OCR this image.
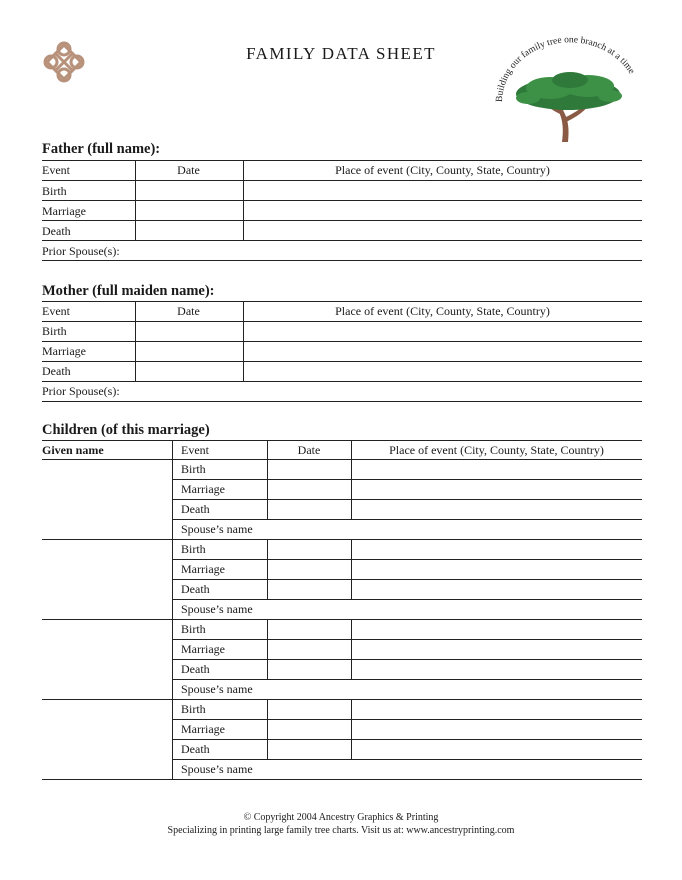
FAMILY DATA SHEET
Building our family tree one branch at a time
Father (full name):
Event	Date	Place of event (City, County, State, Country)
Birth
Marriage
Death
Prior Spouse(s):
Mother (full maiden name):
Event	Date	Place of event (City, County, State, Country)
Birth
Marriage
Death
Prior Spouse(s):
Children (of this marriage)
Given name	Event	Date	Place of event (City, County, State, Country)
Birth
Marriage
Death
Spouse’s name
Birth
Marriage
Death
Spouse’s name
Birth
Marriage
Death
Spouse’s name
Birth
Marriage
Death
Spouse’s name
© Copyright 2004 Ancestry Graphics & Printing
Specializing in printing large family tree charts. Visit us at: www.ancestryprinting.com
